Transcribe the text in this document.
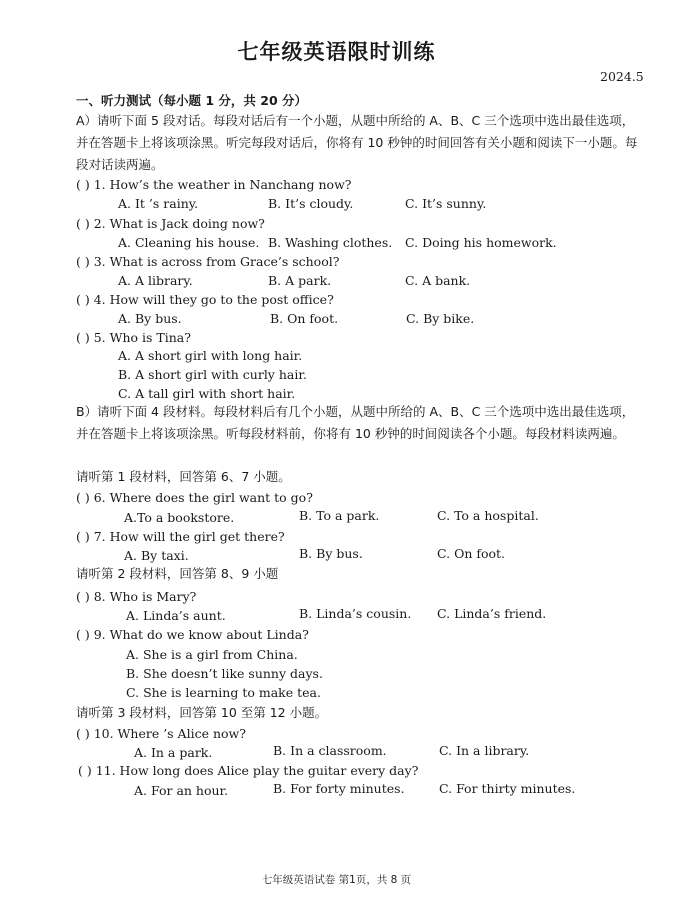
七年级英语限时训练
2024.5
一、听力测试（每小题 1 分，共 20 分）
A）请听下面 5 段对话。每段对话后有一个小题，从题中所给的 A、B、C 三个选项中选出最佳选项，并在答题卡上将该项涂黑。听完每段对话后，你将有 10 秒钟的时间回答有关小题和阅读下一小题。每段对话读两遍。
( ) 1. How’s the weather in Nanchang now?
A. It ’s rainy.	B. It’s cloudy.	C. It’s sunny.
( ) 2. What is Jack doing now?
A. Cleaning his house. B. Washing clothes. C. Doing his homework.
( ) 3. What is across from Grace’s school?
A. A library.	B. A park.	C. A bank.
( ) 4. How will they go to the post office?
A. By bus.	B. On foot.	C. By bike.
( ) 5. Who is Tina?
A. A short girl with long hair.
B. A short girl with curly hair.
C. A tall girl with short hair.
B）请听下面 4 段材料。每段材料后有几个小题，从题中所给的 A、B、C 三个选项中选出最佳选项，并在答题卡上将该项涂黑。听每段材料前，你将有 10 秒钟的时间阅读各个小题。每段材料读两遍。
请听第 1 段材料，回答第 6、7 小题。
( ) 6. Where does the girl want to go?
A.To a bookstore.	B. To a park.	C. To a hospital.
( ) 7. How will the girl get there?
A. By taxi.	B. By bus.	C. On foot.
请听第 2 段材料，回答第 8、9 小题
( ) 8. Who is Mary?
A. Linda’s aunt.	B. Linda’s cousin. C. Linda’s friend.
( ) 9. What do we know about Linda?
A. She is a girl from China.
B. She doesn’t like sunny days.
C. She is learning to make tea.
请听第 3 段材料，回答第 10 至第 12 小题。
( ) 10. Where ’s Alice now?
A. In a park.	B. In a classroom.	C. In a library.
( ) 11. How long does Alice play the guitar every day?
A. For an hour.	B. For forty minutes.	C. For thirty minutes.
七年级英语试卷 第1页，共 8 页
